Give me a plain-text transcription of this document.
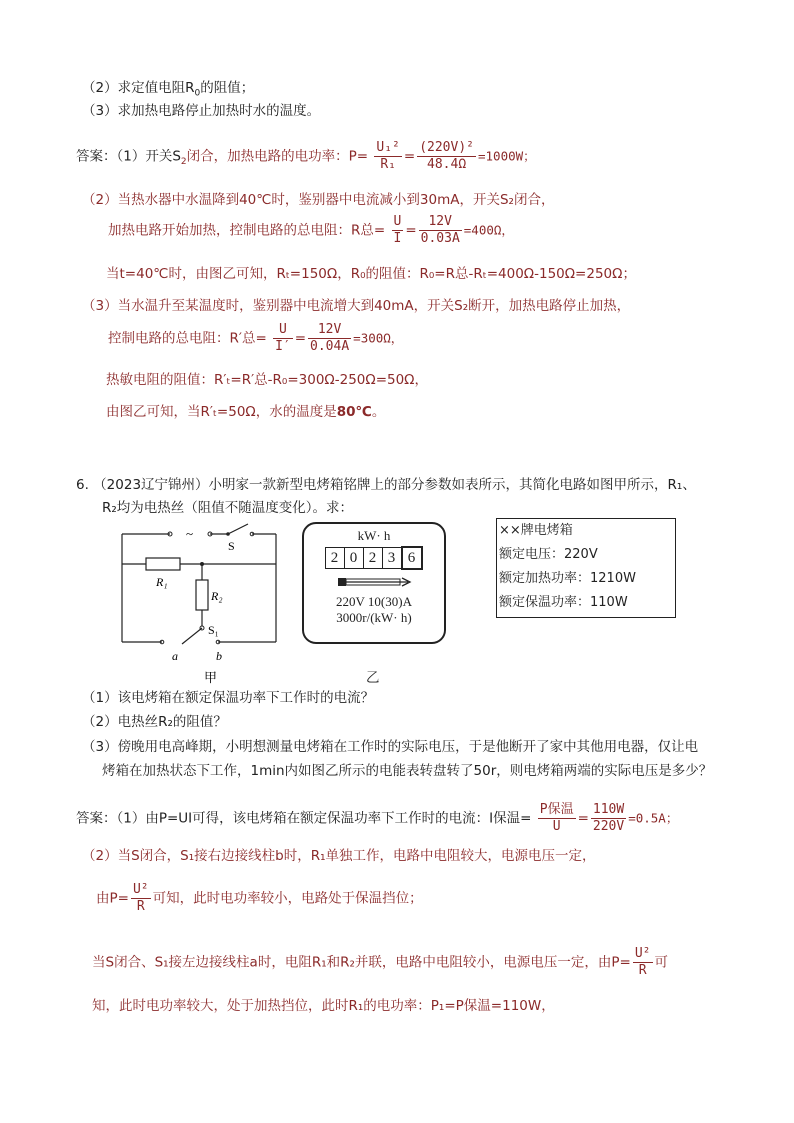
（2）求定值电阻$R_0$的阻值；
（3）求加热电路停止加热时水的温度。
答案：（1）开关$S_2$闭合，加热电路的电功率：$P= \frac{\text{U₁²}}{\text{R₁}} = \frac{\text{(220V)²}}{48.4\Omega} =1000W$；
（2）当热水器中水温降到40℃时，鉴别器中电流减小到30mA，开关S₂闭合，
加热电路开始加热，控制电路的总电阻：R总= $\frac{U}{I} = \frac{12V}{0.03A} =400\Omega$，
当t=40℃时，由图乙可知，Rₜ=150Ω，R₀的阻值：R₀=R总-Rₜ=400Ω-150Ω=250Ω；
（3）当水温升至某温度时，鉴别器中电流增大到40mA，开关S₂断开，加热电路停止加热，
控制电路的总电阻：R′总= $\frac{U}{I'} = \frac{12V}{0.04A} =300\Omega$，
热敏电阻的阻值：R′ₜ=R′总-R₀=300Ω-250Ω=50Ω，
由图乙可知，当R′ₜ=50Ω，水的温度是80℃。
6. （2023辽宁锦州）小明家一款新型电烤箱铭牌上的部分参数如表所示，其简化电路如图甲所示，R₁、
R₂均为电热丝（阻值不随温度变化）。求：
~
S
R₁
R₂
S₁
a	b
甲
kW· h
2 0 2 3 6
220V 10(30)A
3000r/(kW· h)
乙
××牌电烤箱
额定电压：220V
额定加热功率：1210W
额定保温功率：110W
（1）该电烤箱在额定保温功率下工作时的电流？
（2）电热丝R₂的阻值？
（3）傍晚用电高峰期，小明想测量电烤箱在工作时的实际电压，于是他断开了家中其他用电器，仅让电
烤箱在加热状态下工作，1min内如图乙所示的电能表转盘转了50r，则电烤箱两端的实际电压是多少？
答案：（1）由P=UI可得，该电烤箱在额定保温功率下工作时的电流：I保温= $\frac{\text{P保温}}{U} = \frac{110W}{220V} =0.5A$；
（2）当S闭合，S₁接右边接线柱b时，R₁单独工作，电路中电阻较大，电源电压一定，
由$P= \frac{\text{U²}}{R}$ 可知，此时电功率较小，电路处于保温挡位；
当S闭合、S₁接左边接线柱a时，电阻R₁和R₂并联，电路中电阻较小，电源电压一定，由$P= \frac{\text{U²}}{R}$ 可
知，此时电功率较大，处于加热挡位，此时R₁的电功率：P₁=P保温=110W，
